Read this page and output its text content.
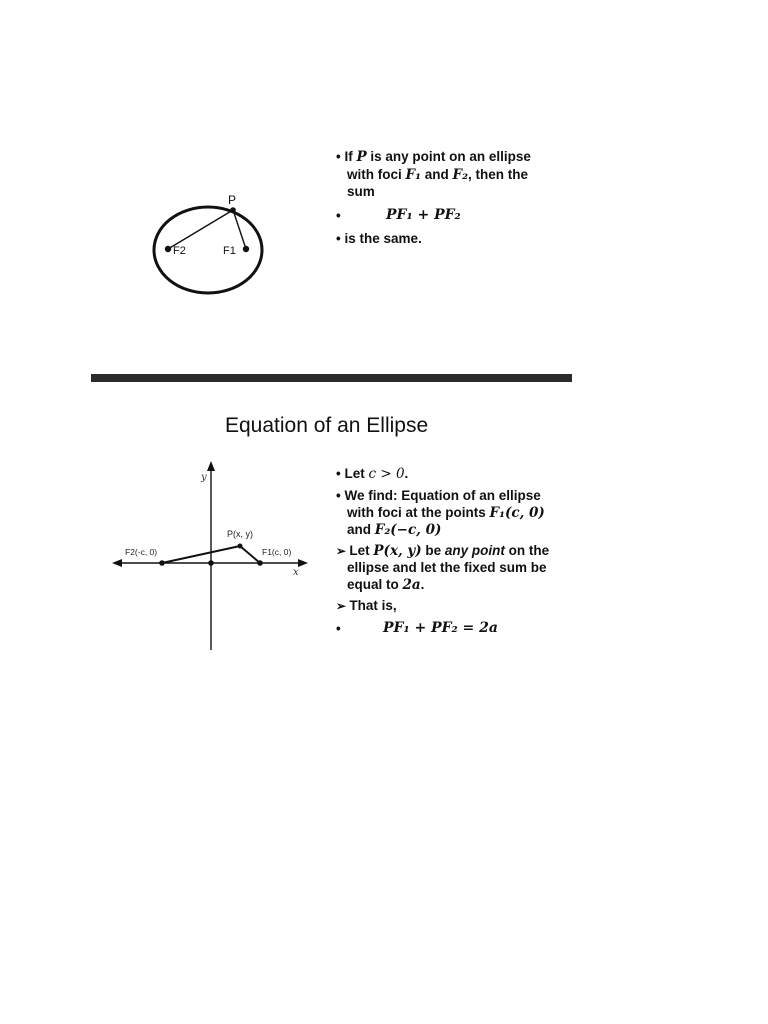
P
F2	F1
• If P is any point on an ellipse
with foci F₁ and F₂, then the
sum
•	PF₁ + PF₂
• is the same.
Equation of an Ellipse
y
x
P(x, y)
F2(-c, 0)	F1(c, 0)
• Let c > 0.
• We find: Equation of an ellipse
with foci at the points F₁(c, 0)
and F₂(−c, 0)
➢ Let P(x, y) be any point on the
ellipse and let the fixed sum be
equal to 2a.
➢ That is,
•	PF₁ + PF₂ = 2a
